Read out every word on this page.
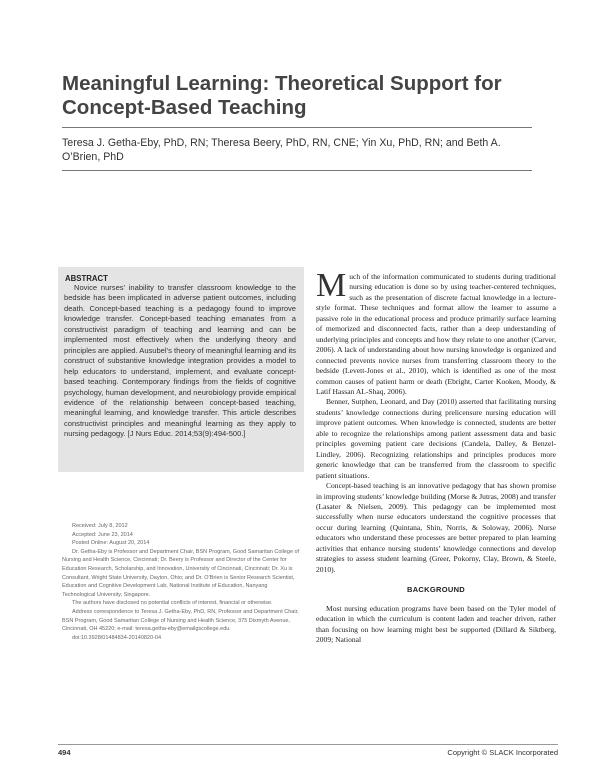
Meaningful Learning: Theoretical Support for Concept-Based Teaching
Teresa J. Getha-Eby, PhD, RN; Theresa Beery, PhD, RN, CNE; Yin Xu, PhD, RN; and Beth A. O’Brien, PhD
ABSTRACT
Novice nurses’ inability to transfer classroom knowledge to the bedside has been implicated in adverse patient outcomes, including death. Concept-based teaching is a pedagogy found to improve knowledge transfer. Concept-based teaching emanates from a constructivist paradigm of teaching and learning and can be implemented most effectively when the underlying theory and principles are applied. Ausubel’s theory of meaningful learning and its construct of substantive knowledge integration provides a model to help educators to understand, implement, and evaluate concept-based teaching. Contemporary findings from the fields of cognitive psychology, human development, and neurobiology provide empirical evidence of the relationship between concept-based teaching, meaningful learning, and knowledge transfer. This article describes constructivist principles and meaningful learning as they apply to nursing pedagogy. [J Nurs Educ. 2014;53(9):494-500.]

Received: July 8, 2012

Accepted: June 23, 2014

Posted Online: August 20, 2014

Dr. Getha-Eby is Professor and Department Chair, BSN Program, Good Samaritan College of Nursing and Health Science, Cincinnati; Dr. Beery is Professor and Director of the Center for Education Research, Scholarship, and Innovation, University of Cincinnati, Cincinnati; Dr. Xu is Consultant, Wright State University, Dayton, Ohio; and Dr. O’Brien is Senior Research Scientist, Education and Cognitive Development Lab, National Institute of Education, Nanyang Technological University, Singapore.

The authors have disclosed no potential conflicts of interest, financial or otherwise.

Address correspondence to Teresa J. Getha-Eby, PhD, RN, Professor and Department Chair, BSN Program, Good Samaritan College of Nursing and Health Science, 375 Dixmyth Avenue, Cincinnati, OH 45220; e-mail: teresa.getha-eby@emailgscollege.edu.

doi:10.3928/01484834-20140820-04

Much of the information communicated to students during traditional nursing education is done so by using teacher-centered techniques, such as the presentation of discrete factual knowledge in a lecture-style format. These techniques and format allow the learner to assume a passive role in the educational process and produce primarily surface learning of memorized and disconnected facts, rather than a deep understanding of underlying principles and concepts and how they relate to one another (Carver, 2006). A lack of understanding about how nursing knowledge is organized and connected prevents novice nurses from transferring classroom theory to the bedside (Levett-Jones et al., 2010), which is identified as one of the most common causes of patient harm or death (Ebright, Carter Kooken, Moody, & Latif Hassan AL-Shaq, 2006).

Benner, Sutphen, Leonard, and Day (2010) asserted that facilitating nursing students’ knowledge connections during prelicensure nursing education will improve patient outcomes. When knowledge is connected, students are better able to recognize the relationships among patient assessment data and basic principles governing patient care decisions (Candela, Dalley, & Benzel-Lindley, 2006). Recognizing relationships and principles produces more generic knowledge that can be transferred from the classroom to specific patient situations.

Concept-based teaching is an innovative pedagogy that has shown promise in improving students’ knowledge building (Morse & Jutras, 2008) and transfer (Lasater & Nielsen, 2009). This pedagogy can be implemented most successfully when nurse educators understand the cognitive processes that occur during learning (Quintana, Shin, Norris, & Soloway, 2006). Nurse educators who understand these processes are better prepared to plan learning activities that enhance nursing students’ knowledge connections and develop strategies to assess student learning (Greer, Pokorny, Clay, Brown, & Steele, 2010).

BACKGROUND

Most nursing education programs have been based on the Tyler model of education in which the curriculum is content laden and teacher driven, rather than focusing on how learning might best be supported (Dillard & Siktberg, 2009; National

494	Copyright © SLACK Incorporated
